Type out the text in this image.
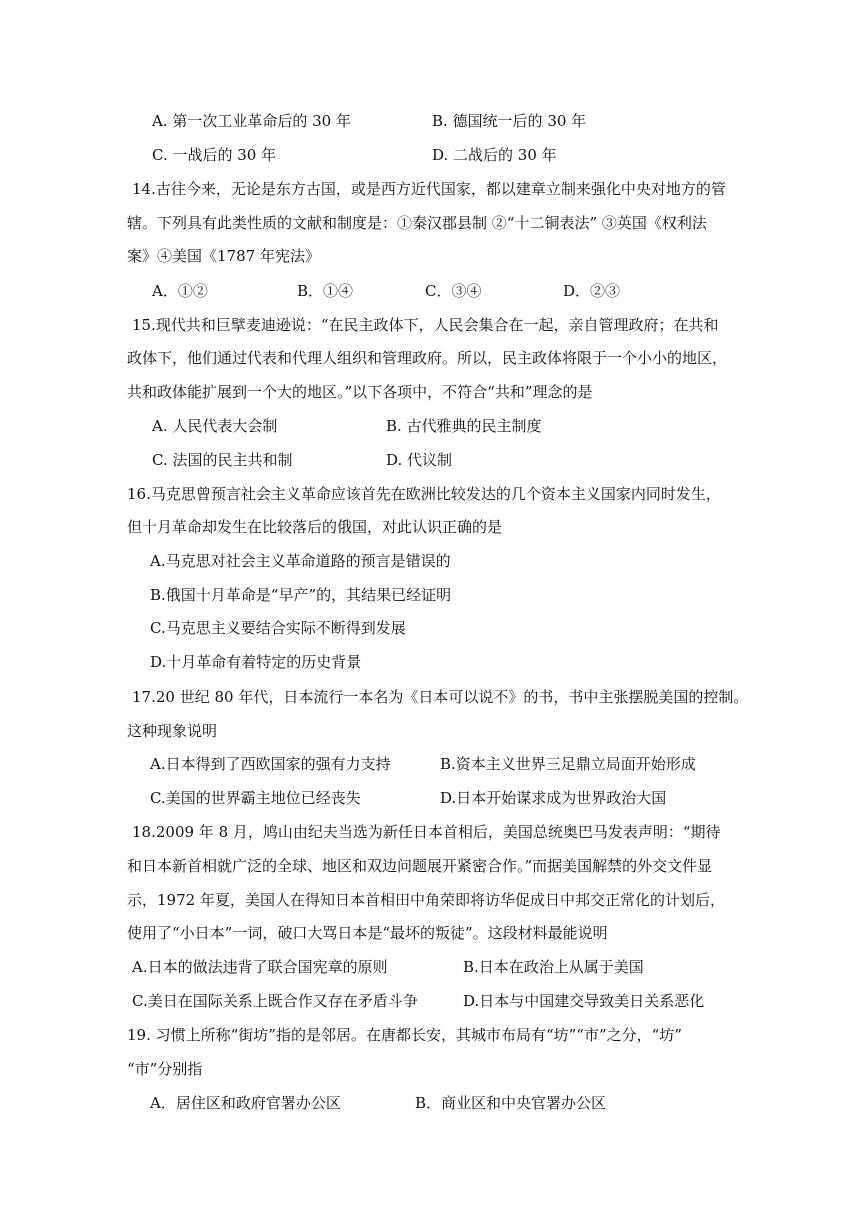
A. 第一次工业革命后的 30 年	B. 德国统一后的 30 年
C. 一战后的 30 年	D. 二战后的 30 年
14.古往今来，无论是东方古国，或是西方近代国家，都以建章立制来强化中央对地方的管
辖。下列具有此类性质的文献和制度是：①秦汉郡县制 ②“十二铜表法” ③英国《权利法
案》④美国《1787 年宪法》
A．①②	B．①④	C．③④	D．②③
15.现代共和巨擘麦迪逊说：“在民主政体下，人民会集合在一起，亲自管理政府；在共和
政体下，他们通过代表和代理人组织和管理政府。所以，民主政体将限于一个小小的地区，
共和政体能扩展到一个大的地区。”以下各项中，不符合“共和”理念的是
A. 人民代表大会制	B. 古代雅典的民主制度
C. 法国的民主共和制	D. 代议制
16.马克思曾预言社会主义革命应该首先在欧洲比较发达的几个资本主义国家内同时发生，
但十月革命却发生在比较落后的俄国，对此认识正确的是
A.马克思对社会主义革命道路的预言是错误的
B.俄国十月革命是“早产”的，其结果已经证明
C.马克思主义要结合实际不断得到发展
D.十月革命有着特定的历史背景
17.20 世纪 80 年代，日本流行一本名为《日本可以说不》的书，书中主张摆脱美国的控制。
这种现象说明
A.日本得到了西欧国家的强有力支持	B.资本主义世界三足鼎立局面开始形成
C.美国的世界霸主地位已经丧失	D.日本开始谋求成为世界政治大国
18.2009 年 8 月，鸠山由纪夫当选为新任日本首相后，美国总统奥巴马发表声明：“期待
和日本新首相就广泛的全球、地区和双边问题展开紧密合作。”而据美国解禁的外交文件显
示，1972 年夏，美国人在得知日本首相田中角荣即将访华促成日中邦交正常化的计划后，
使用了“小日本”一词，破口大骂日本是“最坏的叛徒”。这段材料最能说明
A.日本的做法违背了联合国宪章的原则	B.日本在政治上从属于美国
C.美日在国际关系上既合作又存在矛盾斗争	D.日本与中国建交导致美日关系恶化
19. 习惯上所称“街坊”指的是邻居。在唐都长安，其城市布局有“坊”“市”之分，“坊”
“市”分别指
A．居住区和政府官署办公区	B．商业区和中央官署办公区
